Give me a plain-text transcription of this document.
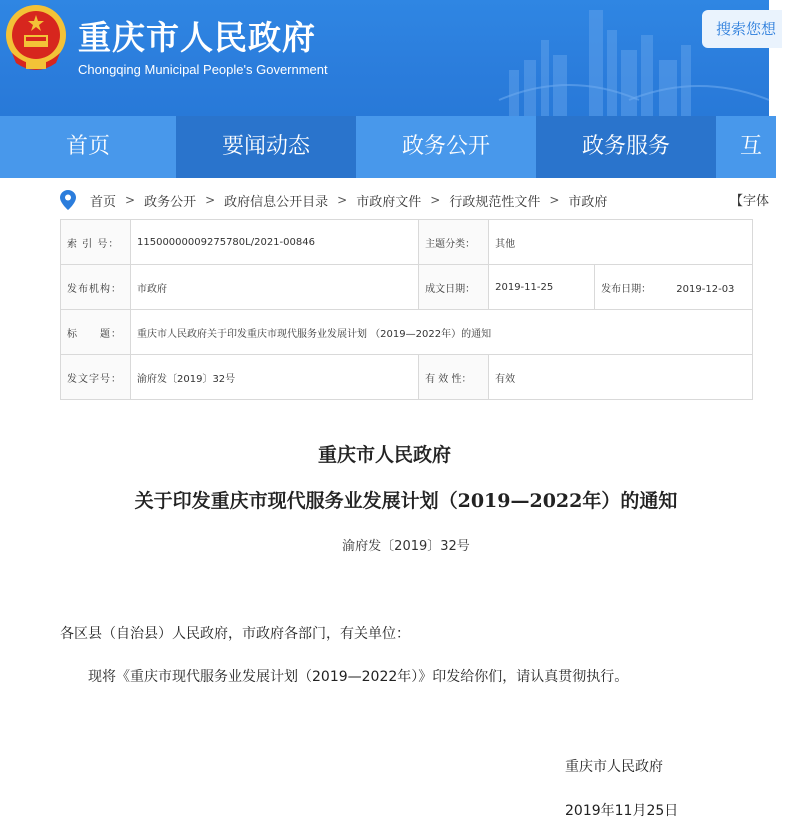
重庆市人民政府
Chongqing Municipal People's Government
搜索您想
首页	要闻动态	政务公开	政务服务	互
首页 > 政务公开 > 政府信息公开目录 > 市政府文件 > 行政规范性文件 > 市政府	【字体
索 引 号：	11500000009275780L/2021-00846	主题分类：	其他	
发布机构：	市政府	成文日期：	2019-11-25	发布日期： 2019-12-03
标　　题：	重庆市人民政府关于印发重庆市现代服务业发展计划 （2019—2022年）的通知			
发文字号：	渝府发〔2019〕32号	有 效 性：	有效	
重庆市人民政府
关于印发重庆市现代服务业发展计划（2019—2022年）的通知
渝府发〔2019〕32号
各区县（自治县）人民政府，市政府各部门，有关单位：
现将《重庆市现代服务业发展计划（2019—2022年）》印发给你们，请认真贯彻执行。
重庆市人民政府
2019年11月25日
